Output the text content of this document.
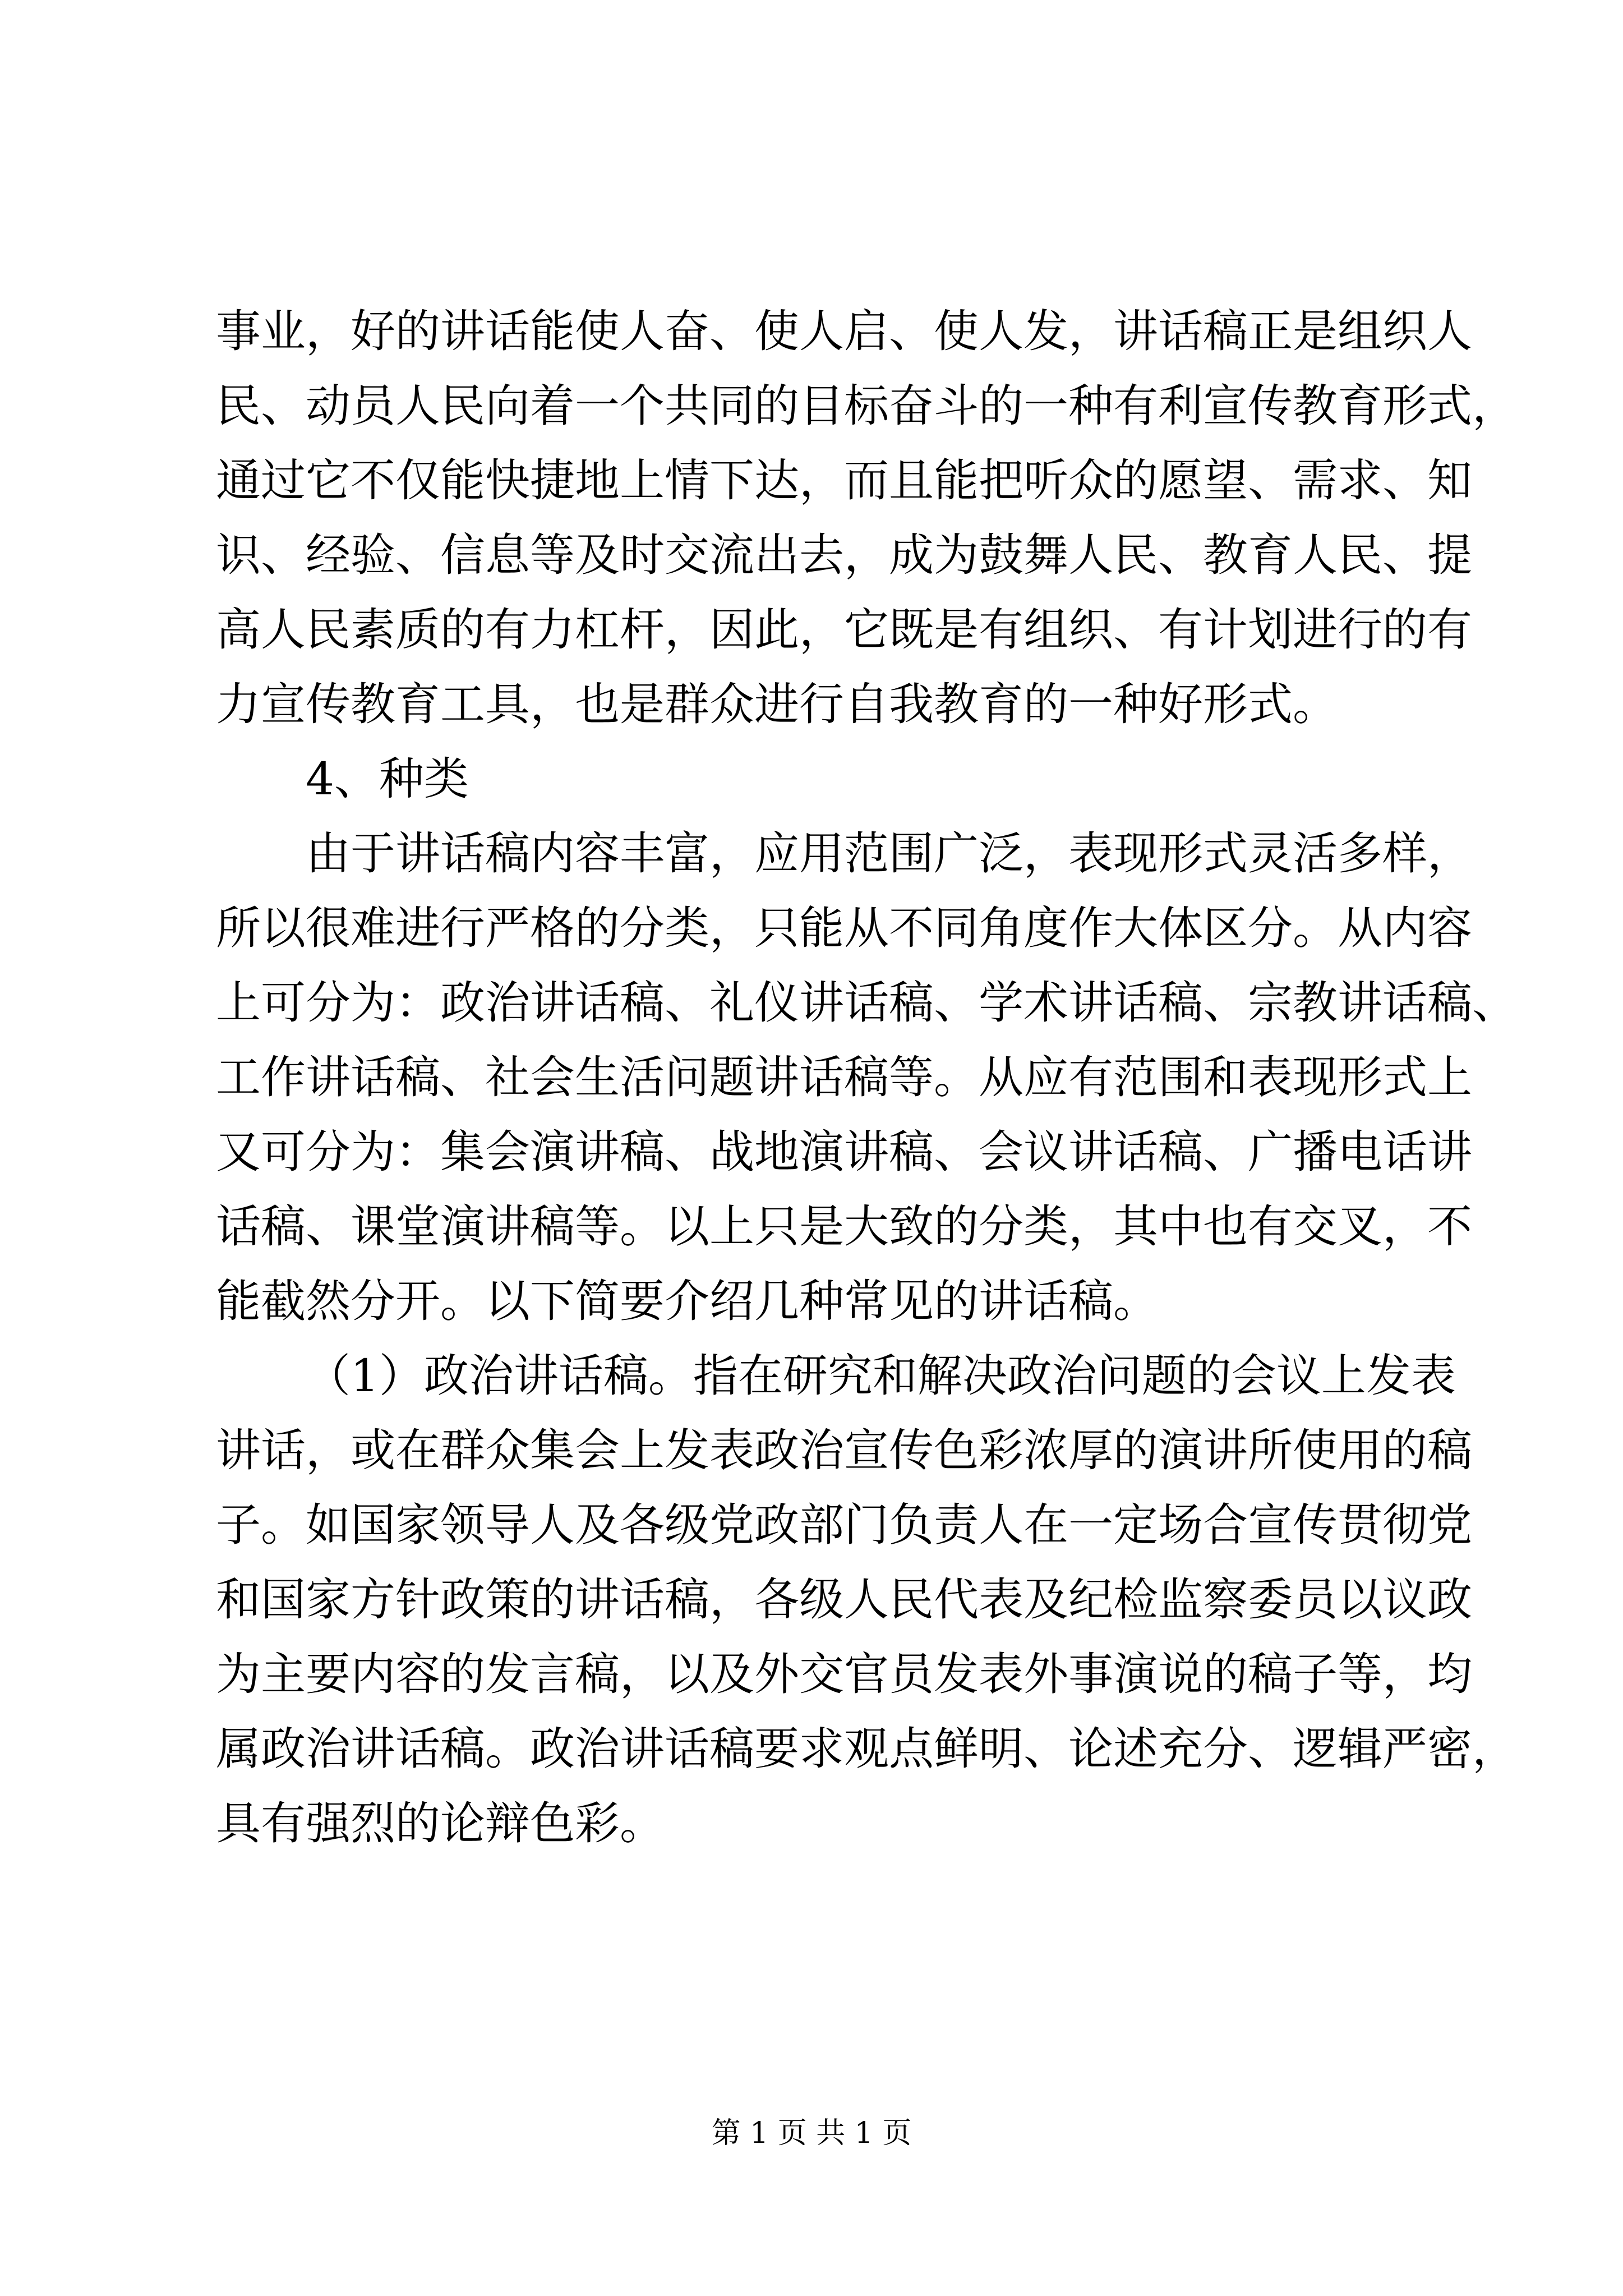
事业，好的讲话能使人奋、使人启、使人发，讲话稿正是组织人
民、动员人民向着一个共同的目标奋斗的一种有利宣传教育形式，
通过它不仅能快捷地上情下达，而且能把听众的愿望、需求、知
识、经验、信息等及时交流出去，成为鼓舞人民、教育人民、提
高人民素质的有力杠杆，因此，它既是有组织、有计划进行的有
力宣传教育工具，也是群众进行自我教育的一种好形式。
4、种类
由于讲话稿内容丰富，应用范围广泛，表现形式灵活多样，
所以很难进行严格的分类，只能从不同角度作大体区分。从内容
上可分为：政治讲话稿、礼仪讲话稿、学术讲话稿、宗教讲话稿、
工作讲话稿、社会生活问题讲话稿等。从应有范围和表现形式上
又可分为：集会演讲稿、战地演讲稿、会议讲话稿、广播电话讲
话稿、课堂演讲稿等。以上只是大致的分类，其中也有交叉，不
能截然分开。以下简要介绍几种常见的讲话稿。
（1）政治讲话稿。指在研究和解决政治问题的会议上发表
讲话，或在群众集会上发表政治宣传色彩浓厚的演讲所使用的稿
子。如国家领导人及各级党政部门负责人在一定场合宣传贯彻党
和国家方针政策的讲话稿，各级人民代表及纪检监察委员以议政
为主要内容的发言稿，以及外交官员发表外事演说的稿子等，均
属政治讲话稿。政治讲话稿要求观点鲜明、论述充分、逻辑严密，
具有强烈的论辩色彩。
第 1 页 共 1 页
